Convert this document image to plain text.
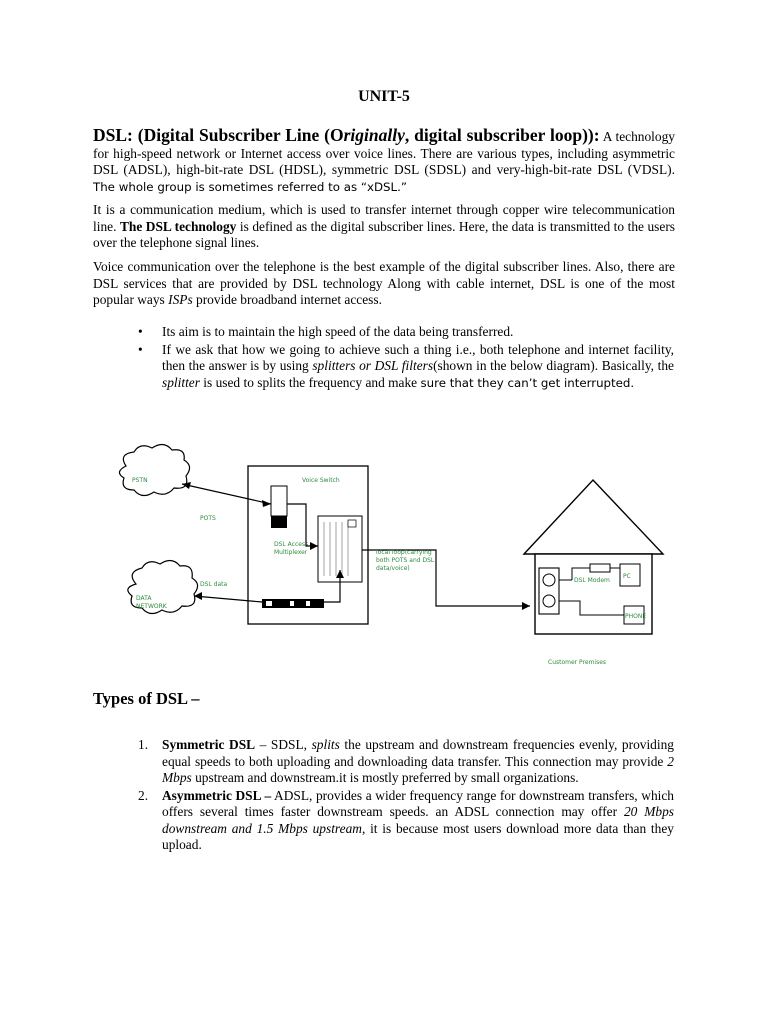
UNIT-5
DSL: (Digital Subscriber Line (Originally, digital subscriber loop)): A technology for high-speed network or Internet access over voice lines. There are various types, including asymmetric DSL (ADSL), high-bit-rate DSL (HDSL), symmetric DSL (SDSL) and very-high-bit-rate DSL (VDSL). The whole group is sometimes referred to as “xDSL.”
It is a communication medium, which is used to transfer internet through copper wire telecommunication line. The DSL technology is defined as the digital subscriber lines. Here, the data is transmitted to the users over the telephone signal lines.
Voice communication over the telephone is the best example of the digital subscriber lines. Also, there are DSL services that are provided by DSL technology Along with cable internet, DSL is one of the most popular ways ISPs provide broadband internet access.
• Its aim is to maintain the high speed of the data being transferred.
• If we ask that how we going to achieve such a thing i.e., both telephone and internet facility, then the answer is by using splitters or DSL filters(shown in the below diagram). Basically, the splitter is used to splits the frequency and make sure that they can’t get interrupted.
PSTN
DATA
NETWORK
Voice Switch
POTS
DSL Access
Multiplexer
DSL data
local loop(carrying
both POTS and DSL
data/voice)
DSL Modem
PC
PHONE
Customer Premises
Types of DSL –
1. Symmetric DSL – SDSL, splits the upstream and downstream frequencies evenly, providing equal speeds to both uploading and downloading data transfer. This connection may provide 2 Mbps upstream and downstream.it is mostly preferred by small organizations.
2. Asymmetric DSL – ADSL, provides a wider frequency range for downstream transfers, which offers several times faster downstream speeds. an ADSL connection may offer 20 Mbps downstream and 1.5 Mbps upstream, it is because most users download more data than they upload.
